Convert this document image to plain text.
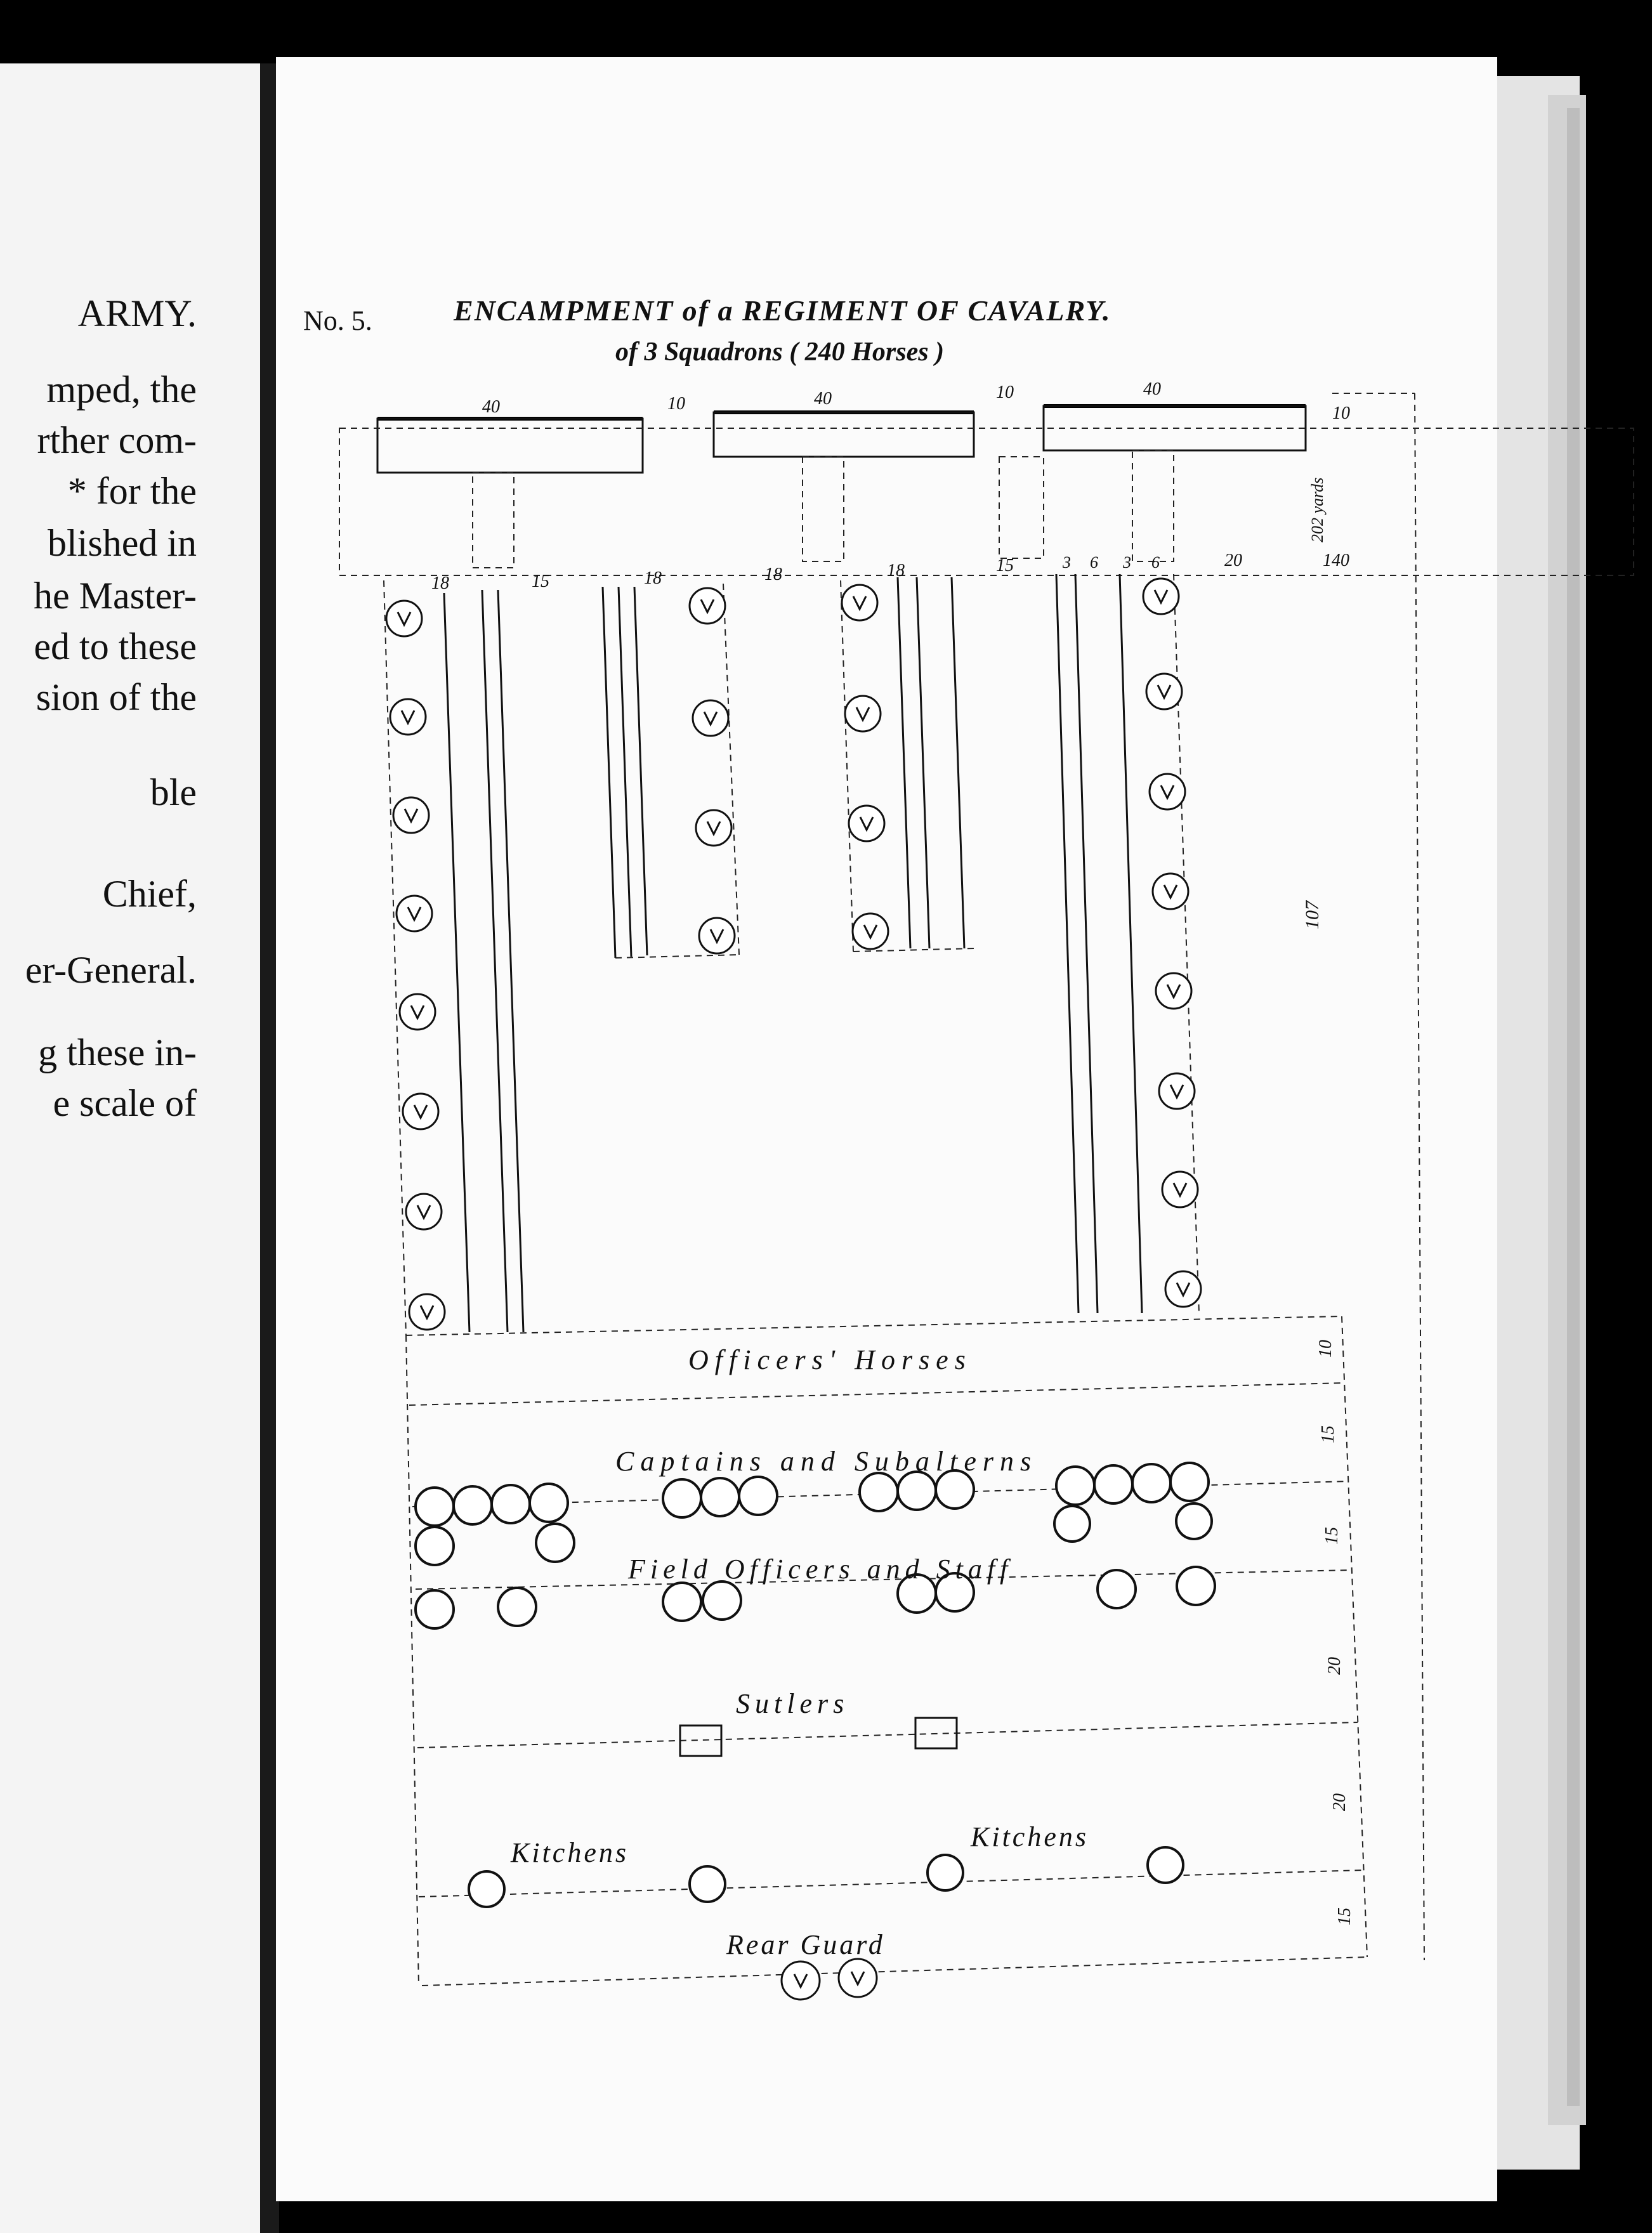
ARMY.
mped, the
rther com-
* for the
blished in
he Master-
ed to these
sion of the
ble
Chief,
er-General.
g these in-
e scale of
No. 5.	ENCAMPMENT of a REGIMENT OF CAVALRY.
of 3 Squadrons ( 240 Horses )
40	10	40	10	40
10
202 yards
140
18	15	18	18	18	15	3 6 3 6	20
107
10
15
15
20
20
15
Officers' Horses
Captains and Subalterns
Field Officers and Staff
Sutlers
Kitchens
Kitchens
Rear Guard
